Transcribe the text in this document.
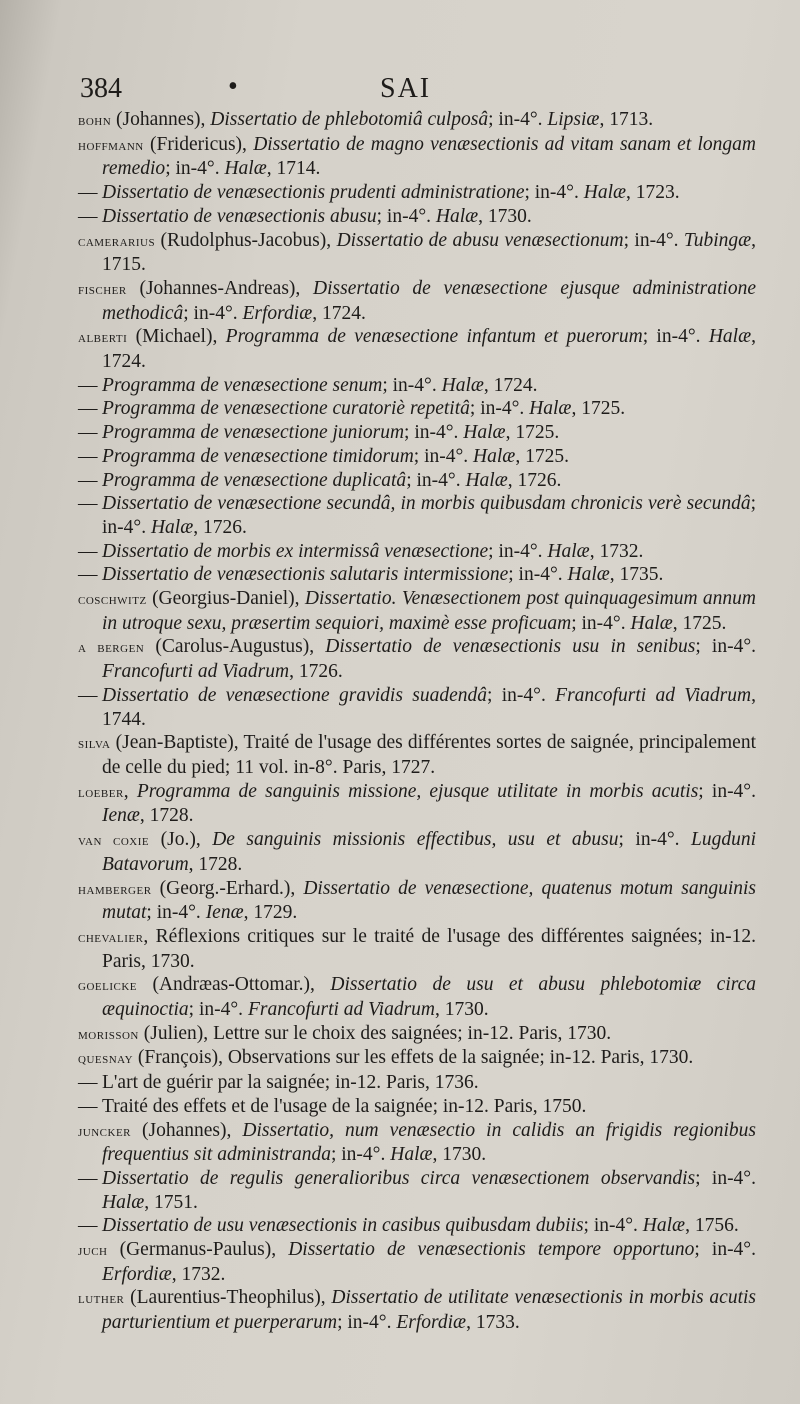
384	•	SAI
bohn (Johannes), Dissertatio de phlebotomiâ culposâ; in-4°. Lipsiæ, 1713.
hoffmann (Fridericus), Dissertatio de magno venæsectionis ad vitam sanam et longam remedio; in-4°. Halæ, 1714.
— Dissertatio de venæsectionis prudenti administratione; in-4°. Halæ, 1723.
— Dissertatio de venæsectionis abusu; in-4°. Halæ, 1730.
camerarius (Rudolphus-Jacobus), Dissertatio de abusu venæsectionum; in-4°. Tubingæ, 1715.
fischer (Johannes-Andreas), Dissertatio de venæsectione ejusque administratione methodicâ; in-4°. Erfordiæ, 1724.
alberti (Michael), Programma de venæsectione infantum et puerorum; in-4°. Halæ, 1724.
— Programma de venæsectione senum; in-4°. Halæ, 1724.
— Programma de venæsectione curatoriè repetitâ; in-4°. Halæ, 1725.
— Programma de venæsectione juniorum; in-4°. Halæ, 1725.
— Programma de venæsectione timidorum; in-4°. Halæ, 1725.
— Programma de venæsectione duplicatâ; in-4°. Halæ, 1726.
— Dissertatio de venæsectione secundâ, in morbis quibusdam chronicis verè secundâ; in-4°. Halæ, 1726.
— Dissertatio de morbis ex intermissâ venæsectione; in-4°. Halæ, 1732.
— Dissertatio de venæsectionis salutaris intermissione; in-4°. Halæ, 1735.
coschwitz (Georgius-Daniel), Dissertatio. Venæsectionem post quinquagesimum annum in utroque sexu, præsertim sequiori, maximè esse proficuam; in-4°. Halæ, 1725.
a bergen (Carolus-Augustus), Dissertatio de venæsectionis usu in senibus; in-4°. Francofurti ad Viadrum, 1726.
— Dissertatio de venæsectione gravidis suadendâ; in-4°. Francofurti ad Viadrum, 1744.
silva (Jean-Baptiste), Traité de l'usage des différentes sortes de saignée, principalement de celle du pied; 11 vol. in-8°. Paris, 1727.
loeber, Programma de sanguinis missione, ejusque utilitate in morbis acutis; in-4°. Ienæ, 1728.
van coxie (Jo.), De sanguinis missionis effectibus, usu et abusu; in-4°. Lugduni Batavorum, 1728.
hamberger (Georg.-Erhard.), Dissertatio de venæsectione, quatenus motum sanguinis mutat; in-4°. Ienæ, 1729.
chevalier, Réflexions critiques sur le traité de l'usage des différentes saignées; in-12. Paris, 1730.
goelicke (Andræas-Ottomar.), Dissertatio de usu et abusu phlebotomiæ circa æquinoctia; in-4°. Francofurti ad Viadrum, 1730.
morisson (Julien), Lettre sur le choix des saignées; in-12. Paris, 1730.
quesnay (François), Observations sur les effets de la saignée; in-12. Paris, 1730.
— L'art de guérir par la saignée; in-12. Paris, 1736.
— Traité des effets et de l'usage de la saignée; in-12. Paris, 1750.
juncker (Johannes), Dissertatio, num venæsectio in calidis an frigidis regionibus frequentius sit administranda; in-4°. Halæ, 1730.
— Dissertatio de regulis generalioribus circa venæsectionem observandis; in-4°. Halæ, 1751.
— Dissertatio de usu venæsectionis in casibus quibusdam dubiis; in-4°. Halæ, 1756.
juch (Germanus-Paulus), Dissertatio de venæsectionis tempore opportuno; in-4°. Erfordiæ, 1732.
luther (Laurentius-Theophilus), Dissertatio de utilitate venæsectionis in morbis acutis parturientium et puerperarum; in-4°. Erfordiæ, 1733.
